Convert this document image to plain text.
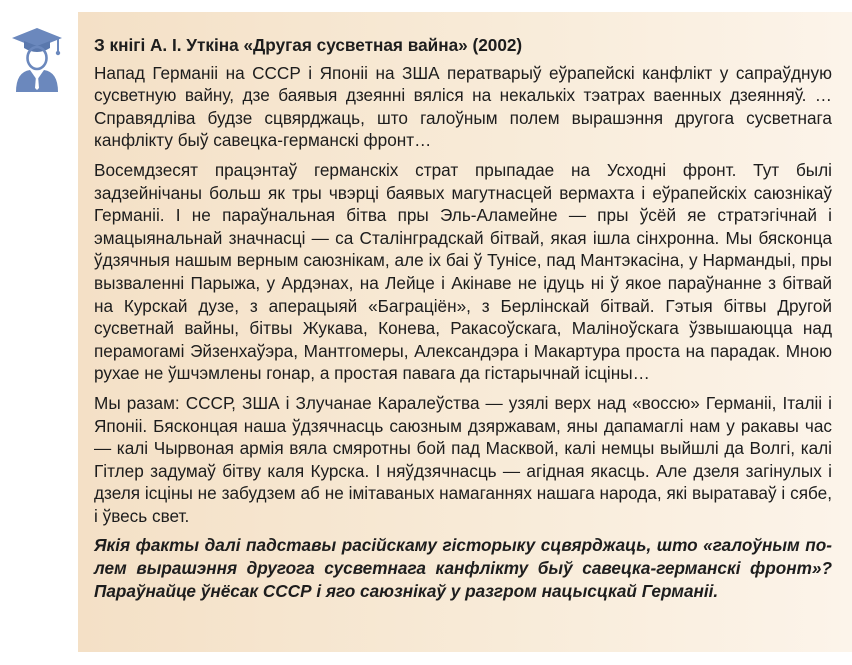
З кнігі А. І. Уткіна «Другая сусветная вайна» (2002)

Напад Германіі на СССР і Японіі на ЗША ператварыў еўрапейскі канфлікт у сапраўдную сусветную вайну, дзе баявыя дзеянні вяліся на некалькіх тэатрах ваенных дзеянняў. … Справядліва будзе сцвярджаць, што галоўным полем вырашэння другога сусветнага канфлікту быў савецка-германскі фронт…

Восемдзесят працэнтаў германскіх страт прыпадае на Усходні фронт. Тут былі задзейнічаны больш як тры чвэрці баявых магутнасцей вермахта і еўрапейскіх саюзнікаў Германіі. І не параўнальная бітва пры Эль-Аламейне — пры ўсёй яе стратэгічнай і эмацыянальнай значнасці — са Сталінградскай бітвай, якая ішла сінхронна. Мы бясконца ўдзячныя нашым верным саюзнікам, але іх баі ў Тунісе, пад Мантэкасіна, у Нармандыі, пры вызваленні Парыжа, у Ардэнах, на Лейце і Акінаве не ідуць ні ў якое параўнанне з бітвай на Курскай дузе, з аперацыяй «Баграціён», з Берлінскай бітвай. Гэтыя бітвы Другой сусветнай вайны, бітвы Жукава, Конева, Ракасоўскага, Маліноўскага ўзвышаюцца над перамогамі Эйзенхаўэра, Мантгомеры, Александэра і Макартура проста на парадак. Мною рухае не ўшчэмлены гонар, а простая павага да гістарычнай ісціны…

Мы разам: СССР, ЗША і Злучанае Каралеўства — узялі верх над «воссю» Германіі, Італіі і Японіі. Бясконцая наша ўдзячнасць саюзным дзяржавам, яны дапамаглі нам у ракавы час — калі Чырвоная армія вяла смяротны бой пад Масквой, калі немцы выйшлі да Волгі, калі Гітлер задумаў бітву каля Курска. І няўдзячнасць — агідная якасць. Але дзеля загінулых і дзеля ісціны не забудзем аб не імітаваных намаганнях нашага народа, які выратаваў і сябе, і ўвесь свет.

Якія факты далі падставы расійскаму гісторыку сцвярджаць, што «галоўным полем вырашэння другога сусветнага канфлікту быў савецка-германскі фронт»? Параўнайце ўнёсак СССР і яго саюзнікаў у разгром нацысцкай Германіі.
